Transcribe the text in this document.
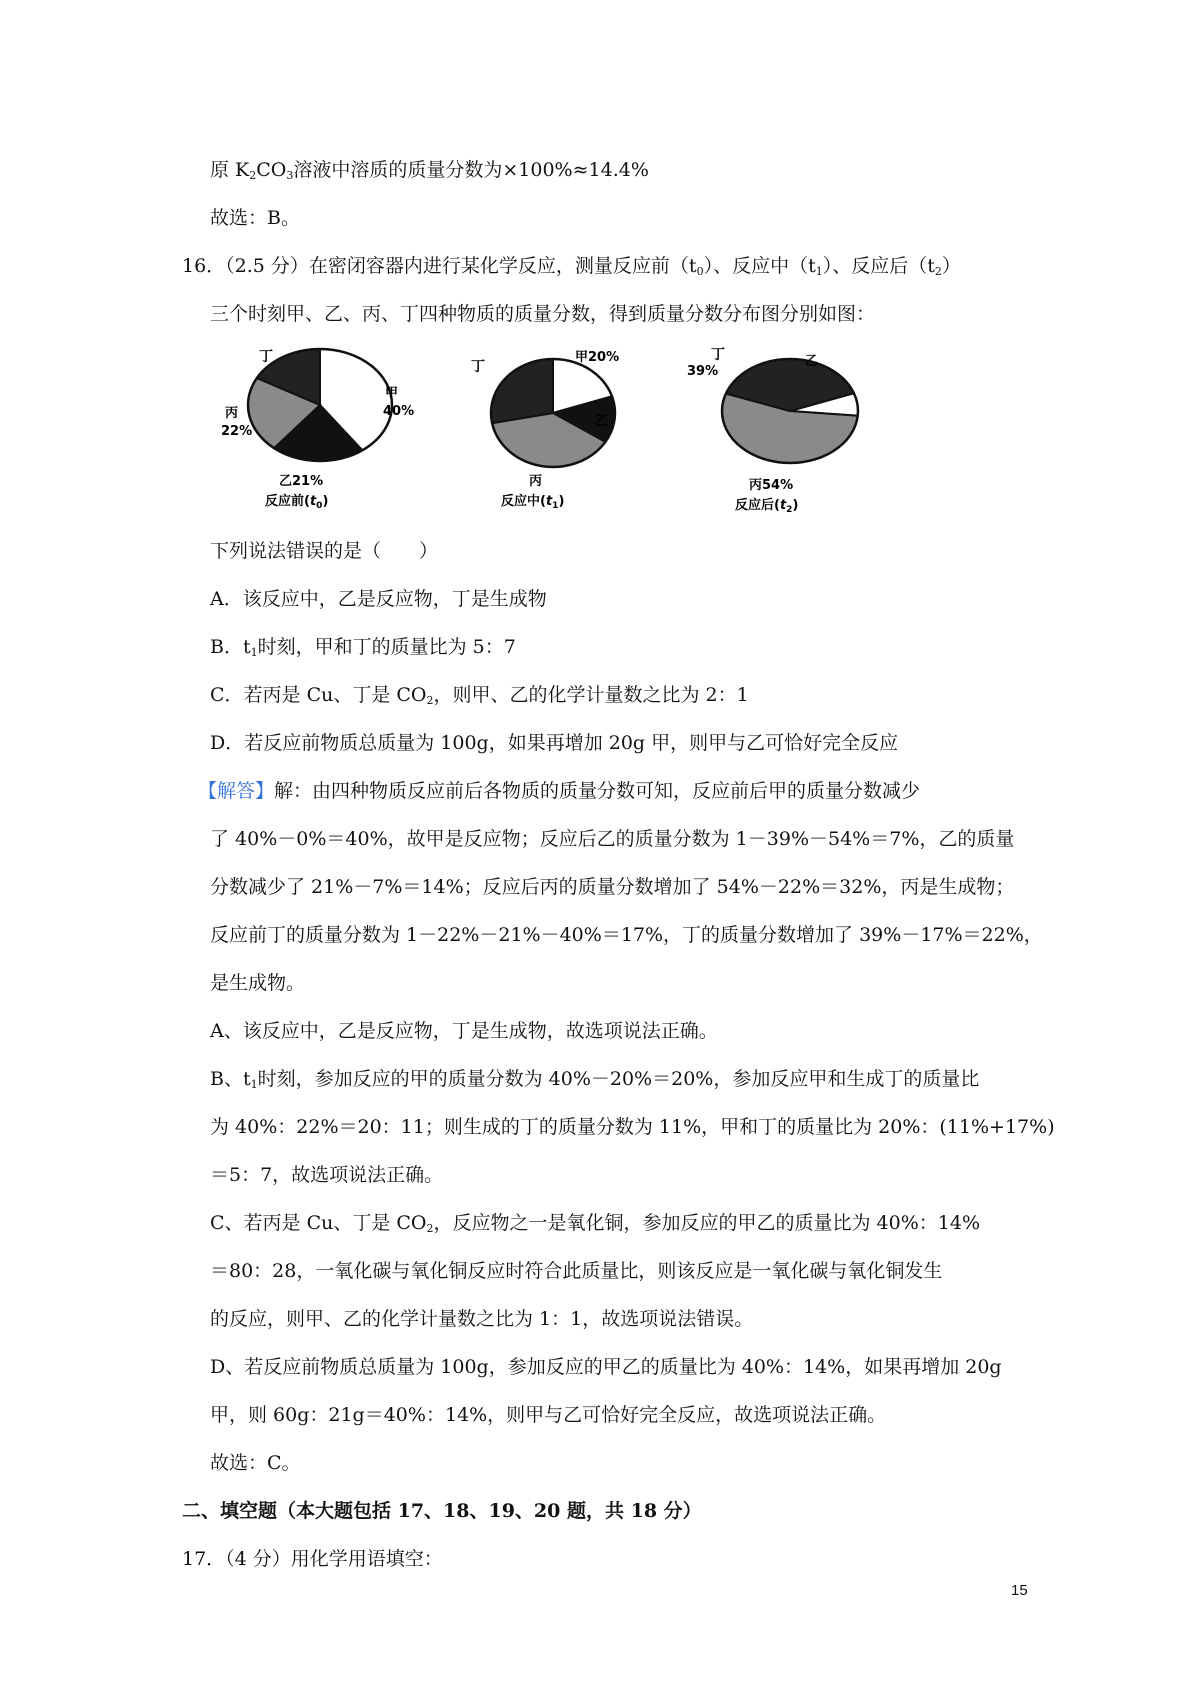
原 $K_2CO_3$溶液中溶质的质量分数为×100%≈14.4%
故选：B。
16．（2.5 分）在密闭容器内进行某化学反应，测量反应前$(t_0)$、反应中$(t_1)$、反应后$(t_2)$
三个时刻甲、乙、丙、丁四种物质的质量分数，得到质量分数分布图分别如图：
丁
甲
40%
丙
22%
乙21%
反应前$(t_0)$
丁
甲20%
乙
丙
反应中$(t_1)$
丁
39%
乙
丙54%
反应后$(t_2)$
下列说法错误的是（　　）
A．该反应中，乙是反应物，丁是生成物
B．$t_1$时刻，甲和丁的质量比为 5：7
C．若丙是 Cu、丁是 $CO_2$，则甲、乙的化学计量数之比为 2：1
D．若反应前物质总质量为 100g，如果再增加 20g 甲，则甲与乙可恰好完全反应
【解答】解：由四种物质反应前后各物质的质量分数可知，反应前后甲的质量分数减少
了 40%－0%＝40%，故甲是反应物；反应后乙的质量分数为 1－39%－54%＝7%，乙的质量
分数减少了 21%－7%＝14%；反应后丙的质量分数增加了 54%－22%＝32%，丙是生成物；
反应前丁的质量分数为 1－22%－21%－40%＝17%，丁的质量分数增加了 39%－17%＝22%，
是生成物。
A、该反应中，乙是反应物，丁是生成物，故选项说法正确。
B、$t_1$时刻，参加反应的甲的质量分数为 40%－20%＝20%，参加反应甲和生成丁的质量比
为 40%：22%＝20：11；则生成的丁的质量分数为 11%，甲和丁的质量比为 20%：(11%+17%)
＝5：7，故选项说法正确。
C、若丙是 Cu、丁是 $CO_2$，反应物之一是氧化铜，参加反应的甲乙的质量比为 40%：14%
＝80：28，一氧化碳与氧化铜反应时符合此质量比，则该反应是一氧化碳与氧化铜发生
的反应，则甲、乙的化学计量数之比为 1：1，故选项说法错误。
D、若反应前物质总质量为 100g，参加反应的甲乙的质量比为 40%：14%，如果再增加 20g
甲，则 60g：21g＝40%：14%，则甲与乙可恰好完全反应，故选项说法正确。
故选：C。
二、填空题（本大题包括 17、18、19、20 题，共 18 分）
17．（4 分）用化学用语填空：
15
